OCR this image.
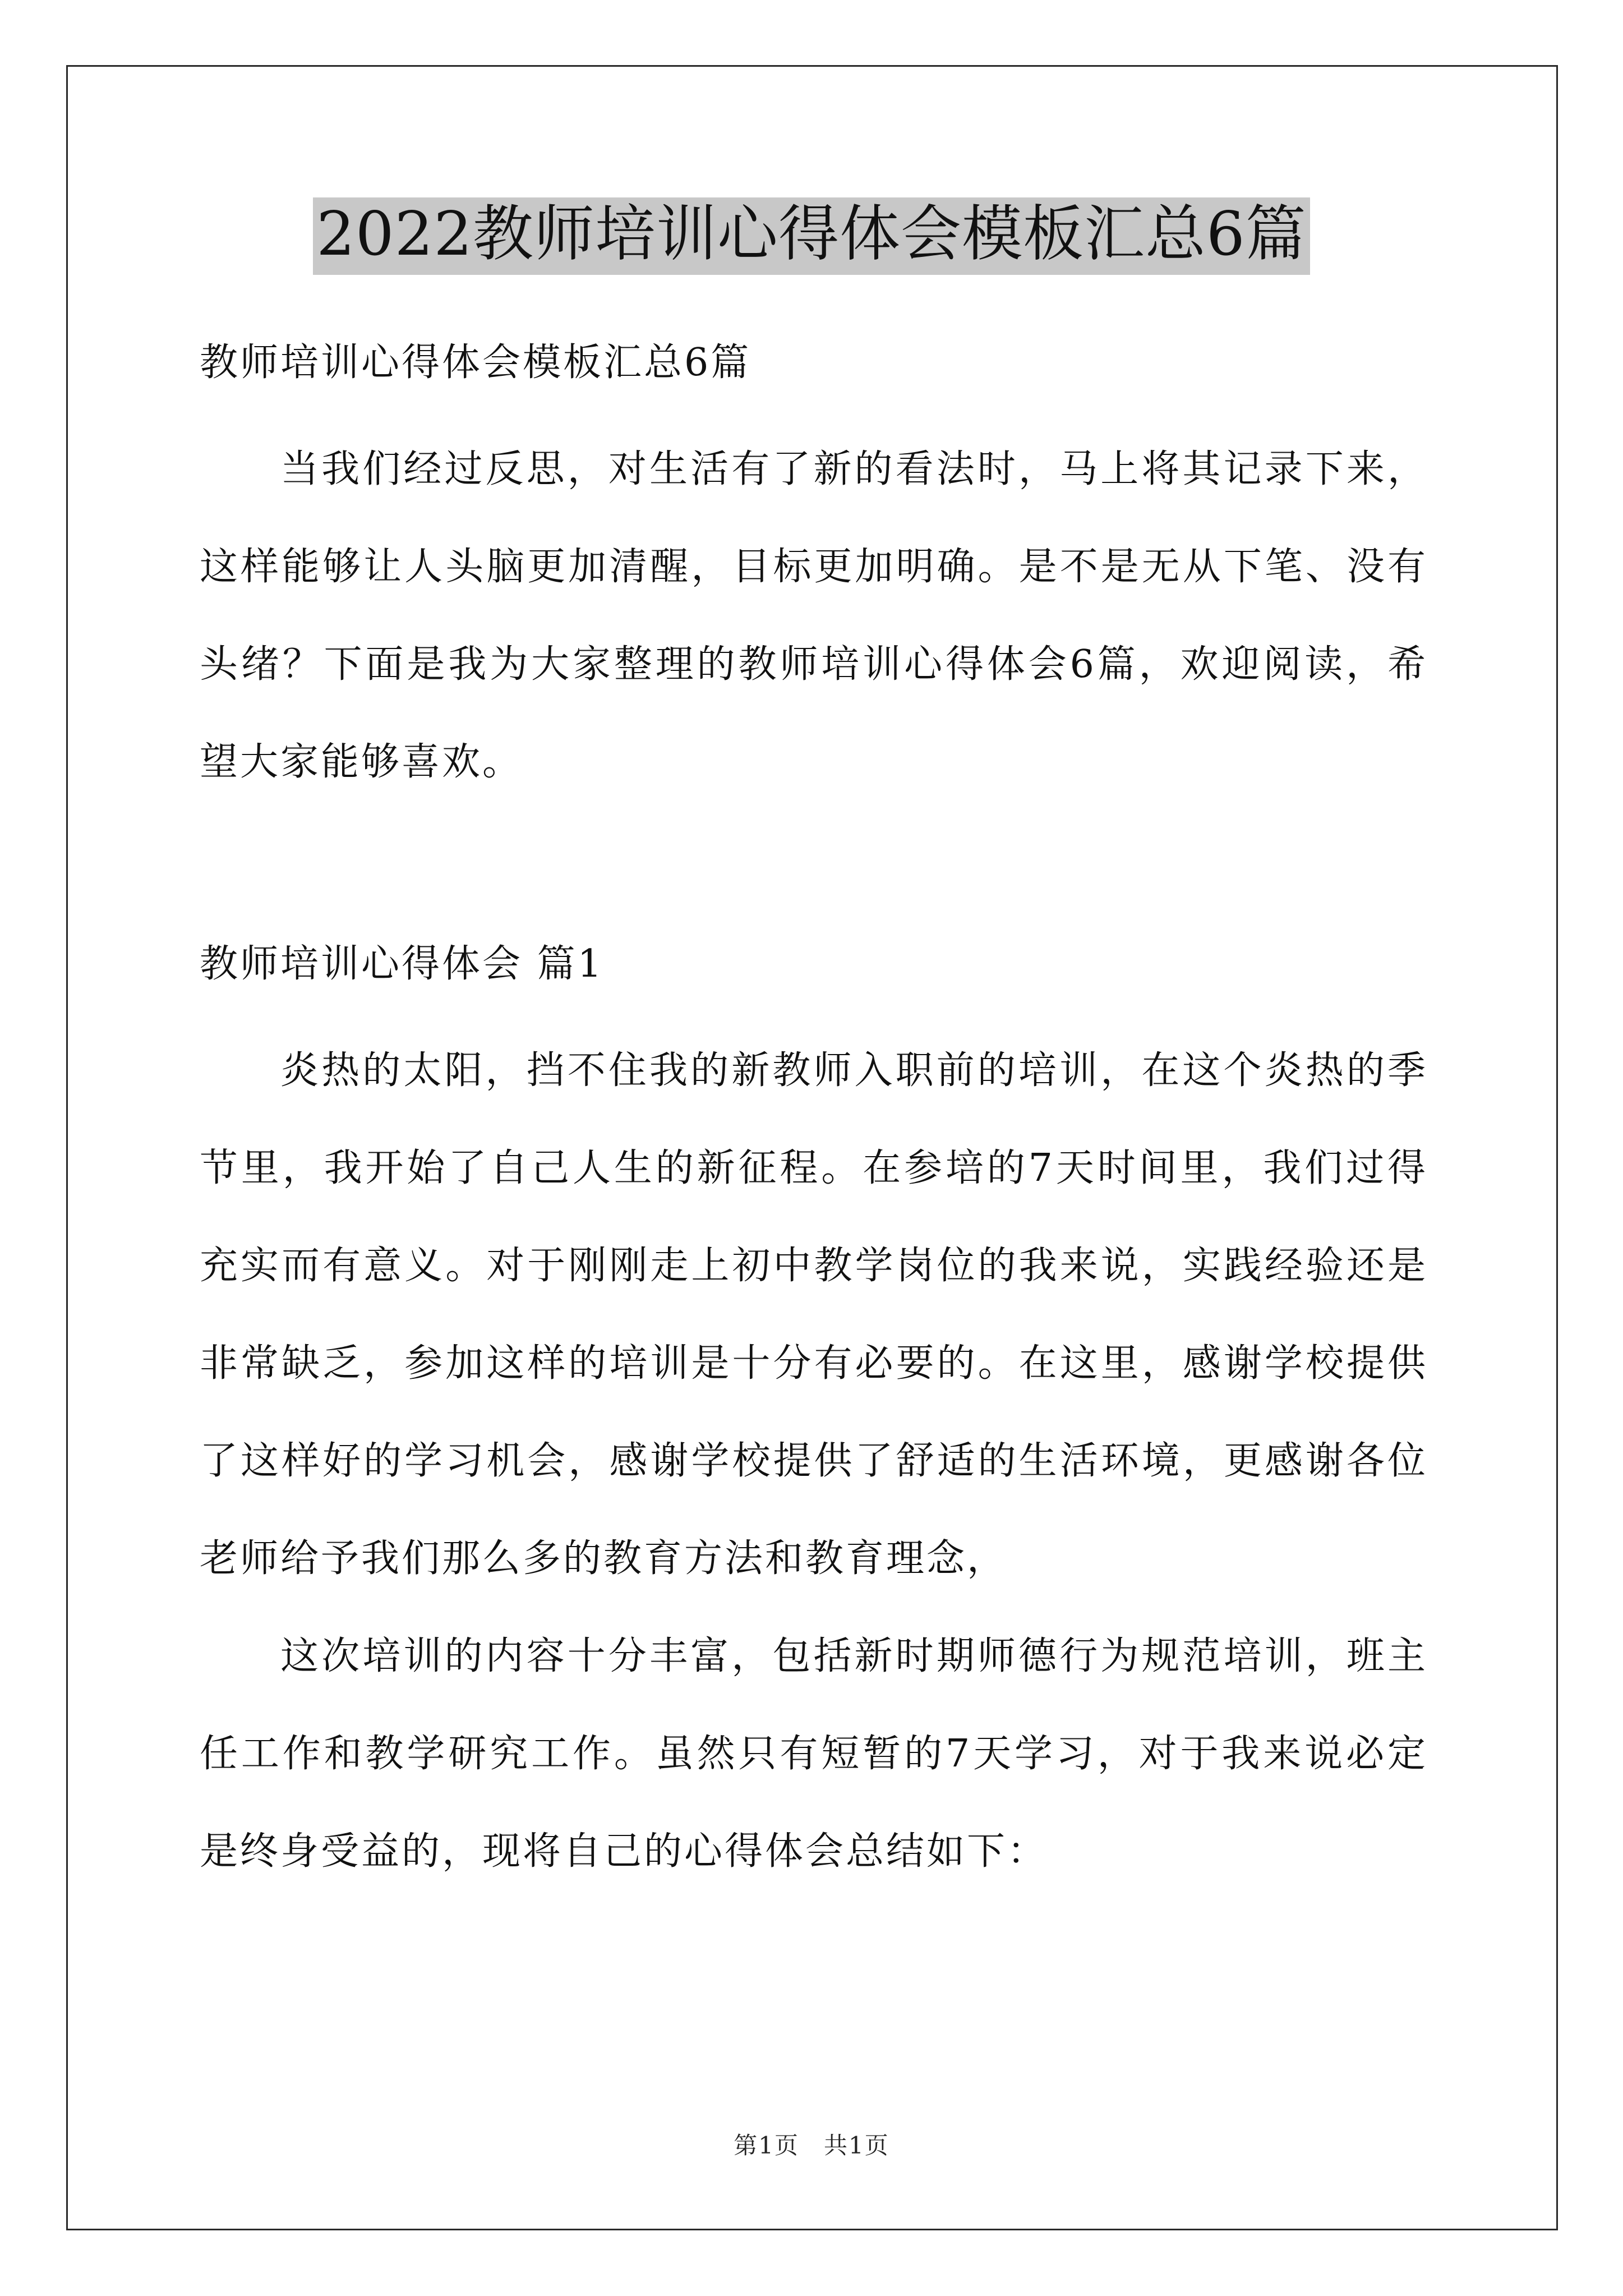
2022教师培训心得体会模板汇总6篇

教师培训心得体会模板汇总6篇

当我们经过反思，对生活有了新的看法时，马上将其记录下来，这样能够让人头脑更加清醒，目标更加明确。是不是无从下笔、没有头绪？下面是我为大家整理的教师培训心得体会6篇，欢迎阅读，希望大家能够喜欢。

教师培训心得体会 篇1

炎热的太阳，挡不住我的新教师入职前的培训，在这个炎热的季节里，我开始了自己人生的新征程。在参培的7天时间里，我们过得充实而有意义。对于刚刚走上初中教学岗位的我来说，实践经验还是非常缺乏，参加这样的培训是十分有必要的。在这里，感谢学校提供了这样好的学习机会，感谢学校提供了舒适的生活环境，更感谢各位老师给予我们那么多的教育方法和教育理念，

这次培训的内容十分丰富，包括新时期师德行为规范培训，班主任工作和教学研究工作。虽然只有短暂的7天学习，对于我来说必定是终身受益的，现将自己的心得体会总结如下：

第1页　共1页
